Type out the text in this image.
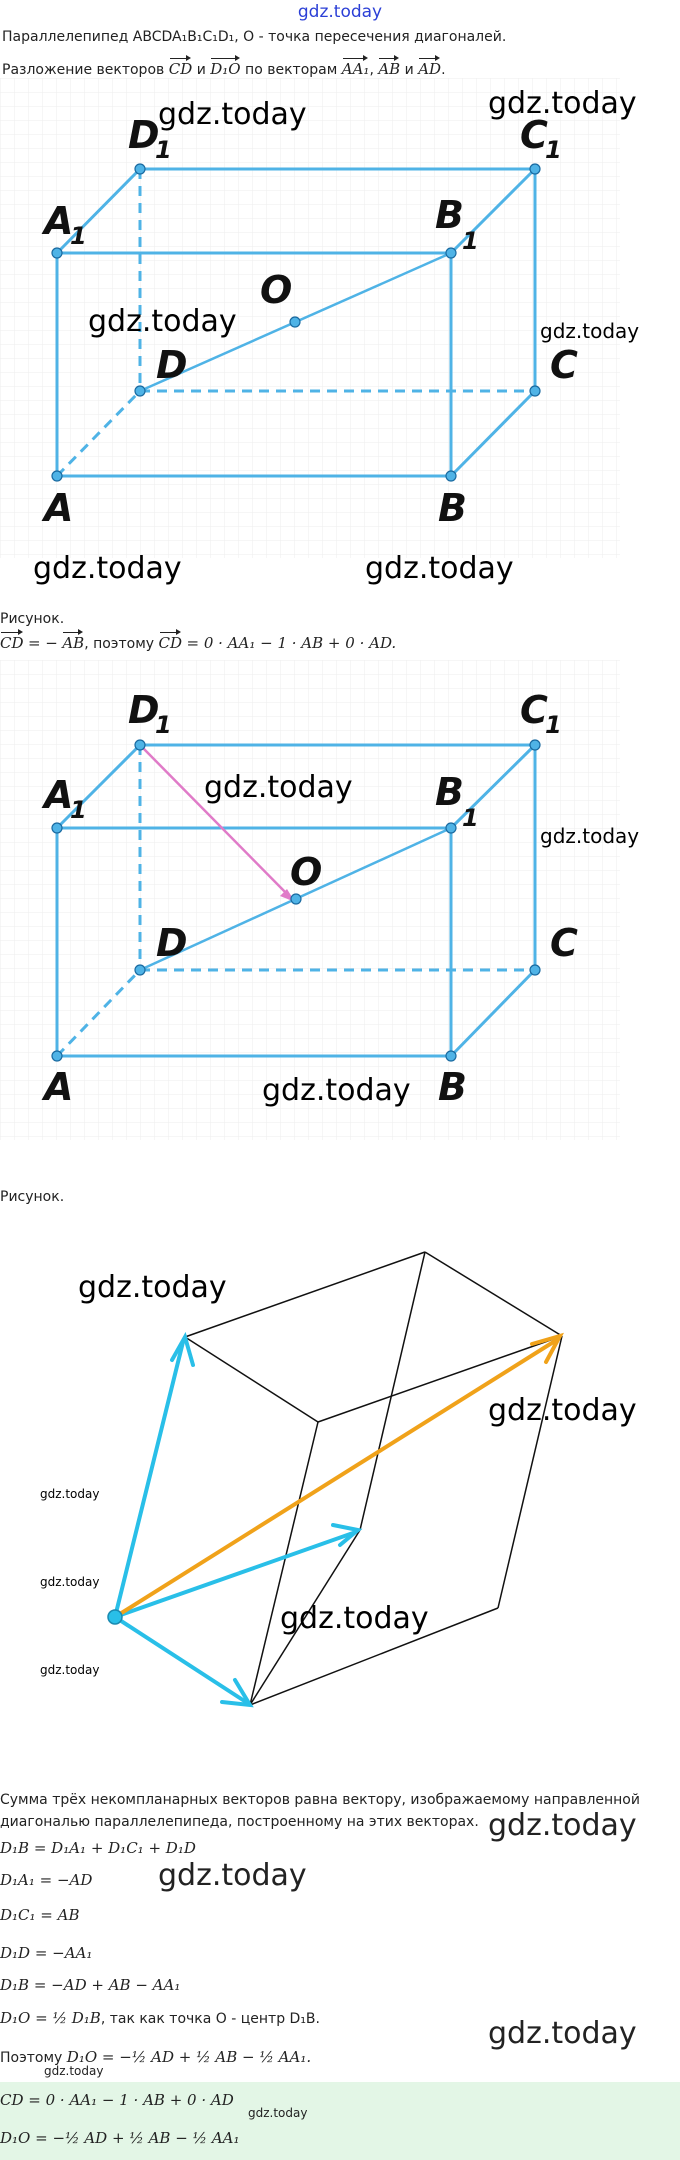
gdz.today
Параллелепипед ABCDA₁B₁C₁D₁, O - точка пересечения диагоналей.
Разложение векторов CD и D₁O по векторам AA₁, AB и AD.
A
1
D
1	C
1
B
1
O
D	C
A	B
gdz.today	gdz.today
gdz.today	gdz.today
gdz.today	gdz.today
Рисунок.
CD = − AB, поэтому CD = 0 · AA₁ − 1 · AB + 0 · AD.
A
1
D
1	C
1
B
1
O
D	C
A	B
gdz.today
gdz.today
gdz.today
Рисунок.
gdz.today
gdz.today
gdz.today
gdz.today
gdz.today
gdz.today
Сумма трёх некомпланарных векторов равна вектору, изображаемому направленной
диагональю параллелепипеда, построенному на этих векторах. gdz.today
D₁B = D₁A₁ + D₁C₁ + D₁D
D₁A₁ = −AD gdz.today
D₁C₁ = AB
D₁D = −AA₁
D₁B = −AD + AB − AA₁
D₁O = ½ D₁B, так как точка O - центр D₁B.	gdz.today
Поэтому D₁O = −½ AD + ½ AB − ½ AA₁.
gdz.today
CD = 0 · AA₁ − 1 · AB + 0 · AD
gdz.today
D₁O = −½ AD + ½ AB − ½ AA₁
